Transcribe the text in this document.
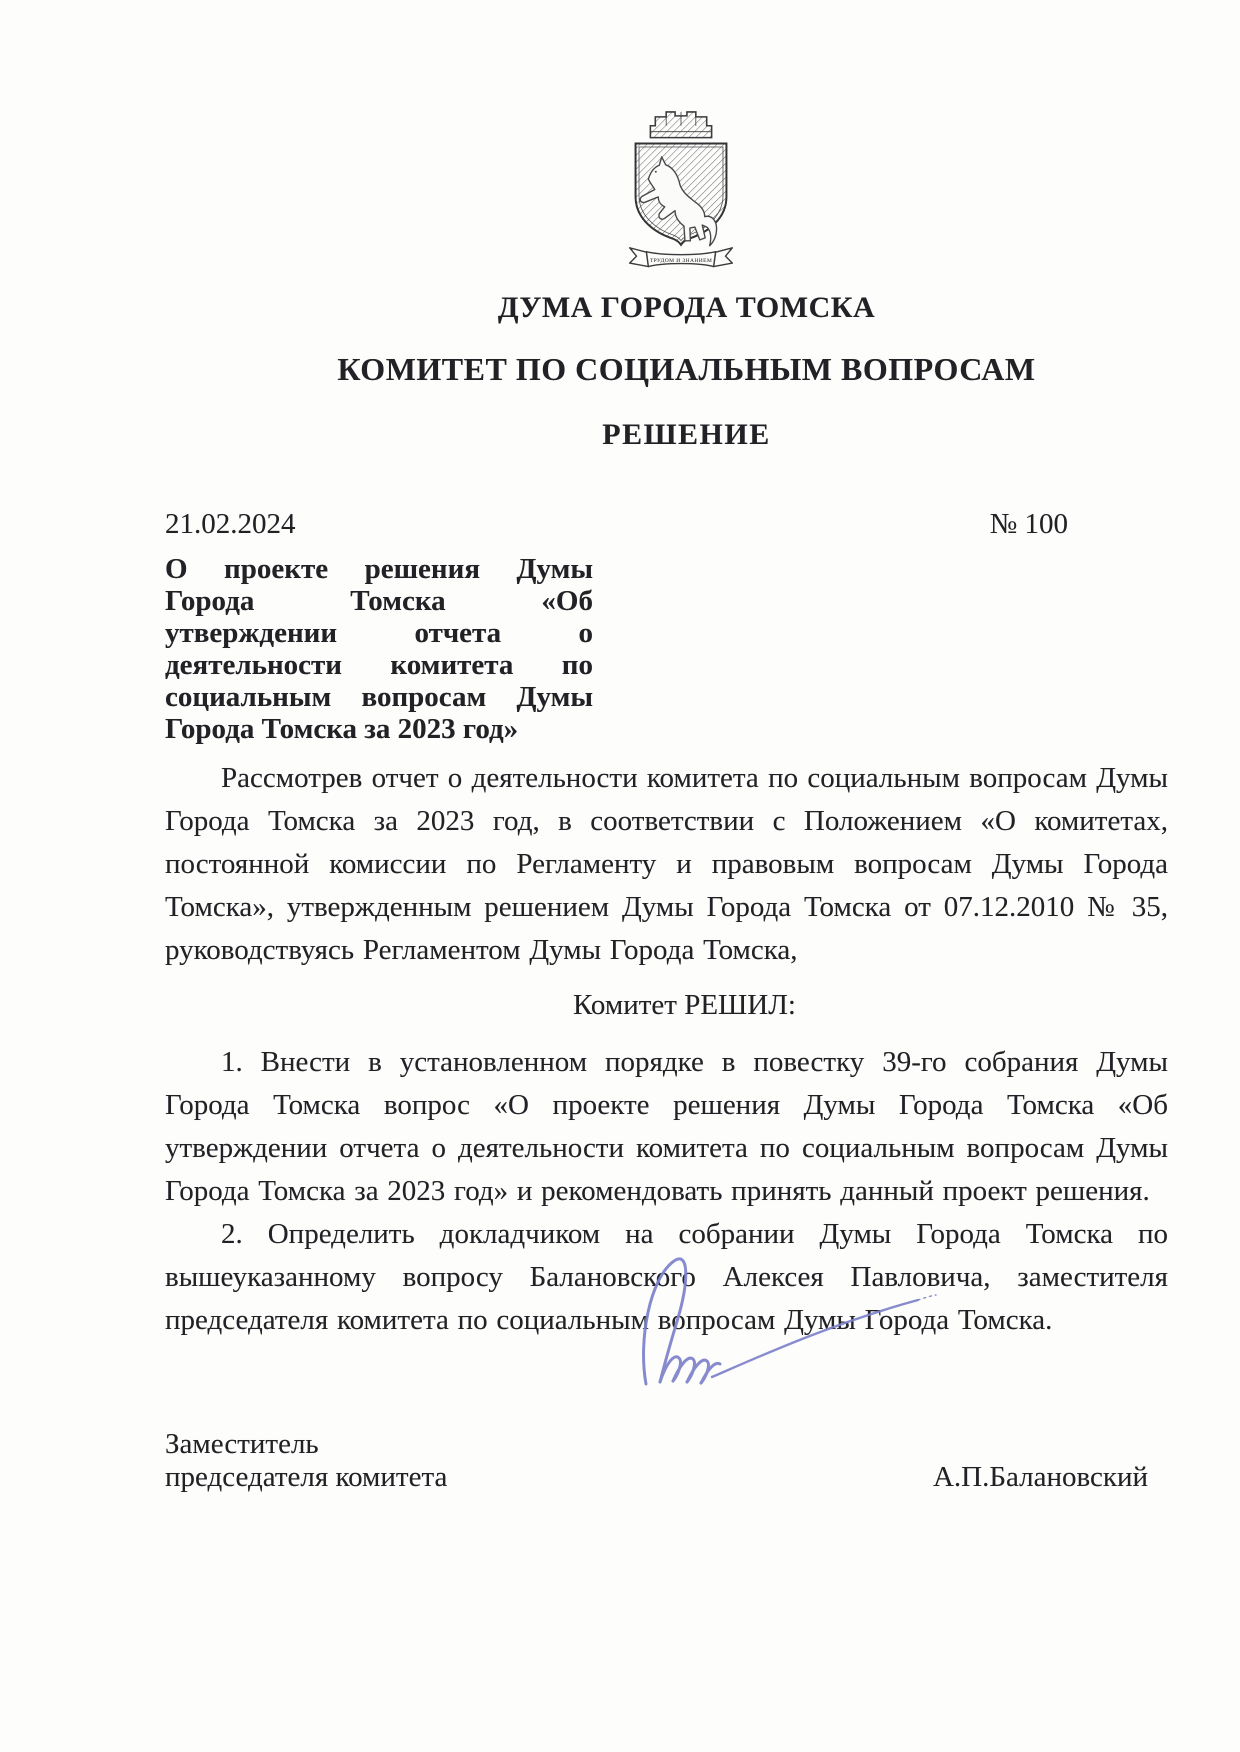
ТРУДОМ И ЗНАНИЕМ
ДУМА ГОРОДА ТОМСКА
КОМИТЕТ ПО СОЦИАЛЬНЫМ ВОПРОСАМ
РЕШЕНИЕ
21.02.2024	№ 100
О проекте решения Думы Города Томска «Об утверждении отчета о деятельности комитета по социальным вопросам Думы Города Томска за 2023 год»

Рассмотрев отчет о деятельности комитета по социальным вопросам Думы Города Томска за 2023 год, в соответствии с Положением «О комитетах, постоянной комиссии по Регламенту и правовым вопросам Думы Города Томска», утвержденным решением Думы Города Томска от 07.12.2010 № 35, руководствуясь Регламентом Думы Города Томска,

Комитет РЕШИЛ:

1. Внести в установленном порядке в повестку 39-го собрания Думы Города Томска вопрос «О проекте решения Думы Города Томска «Об утверждении отчета о деятельности комитета по социальным вопросам Думы Города Томска за 2023 год» и рекомендовать принять данный проект решения.

2. Определить докладчиком на собрании Думы Города Томска по вышеуказанному вопросу Балановского Алексея Павловича, заместителя председателя комитета по социальным вопросам Думы Города Томска.

Заместитель
председателя комитета	А.П.Балановский
